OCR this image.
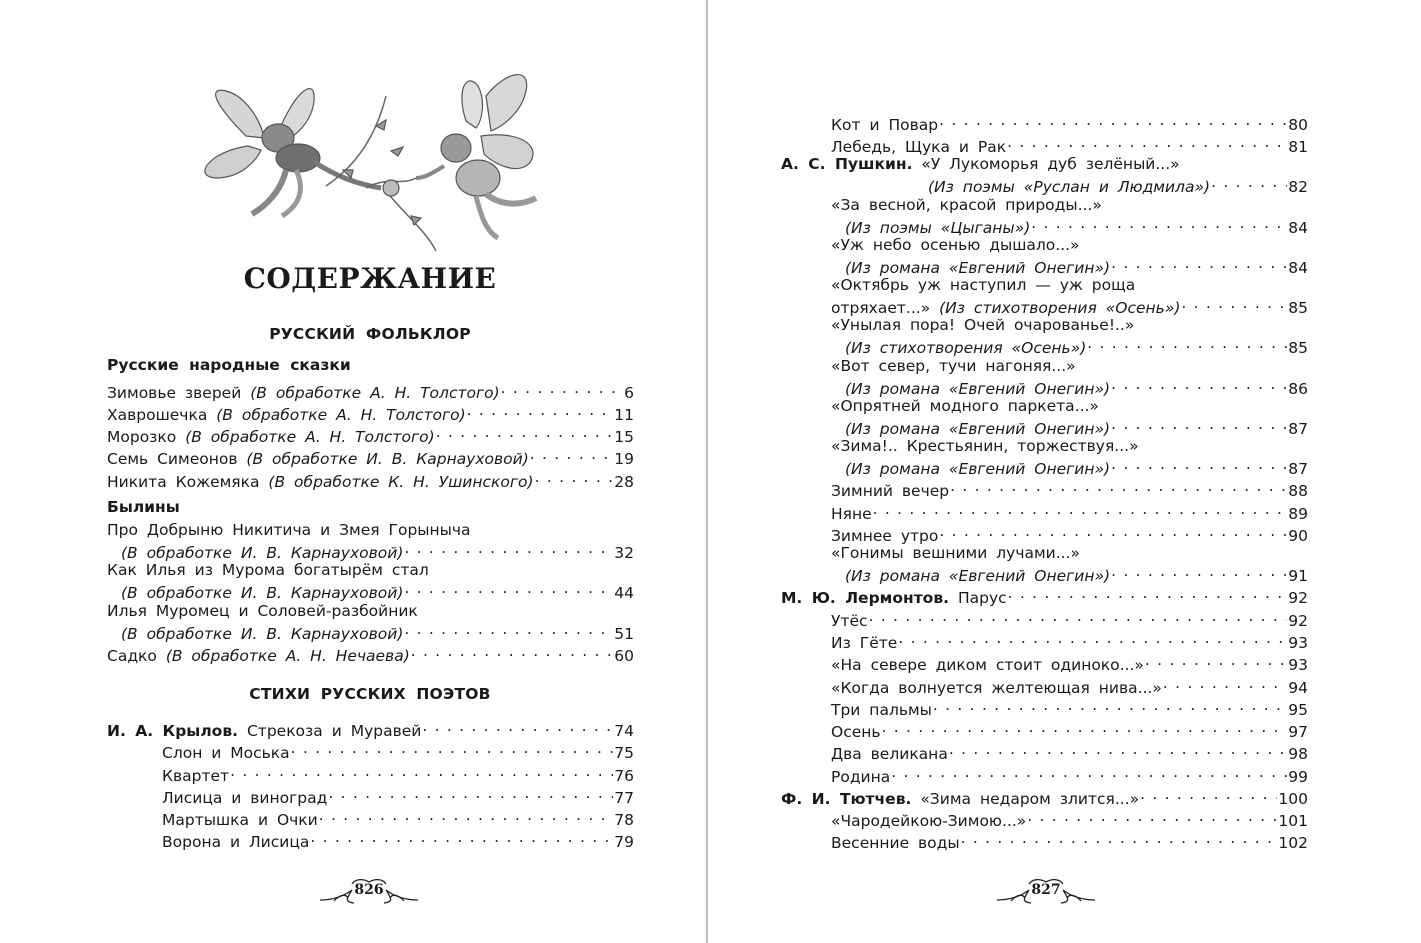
СОДЕРЖАНИЕ
РУССКИЙ ФОЛЬКЛОР
Русские народные сказки
Зимовье зверей
(В обработке А. Н. Толстого) . . .	6
Хаврошечка
(В обработке А. Н. Толстого) . . .	11
Морозко
(В обработке А. Н. Толстого) . . .	15
Семь Симеонов
(В обработке И. В. Карнауховой) . . .	19
Никита Кожемяка
(В обработке К. Н. Ушинского) . . .	28
Былины
Про Добрыню Никитича и Змея Горыныча
(В обработке И. В. Карнауховой) . . .	32
Как Илья из Мурома богатырём стал
(В обработке И. В. Карнауховой) . . .	44
Илья Муромец и Соловей-разбойник
(В обработке И. В. Карнауховой) . . .	51
Садко
(В обработке А. Н. Нечаева) . . .	60
СТИХИ РУССКИХ ПОЭТОВ
И. А. Крылов.
Стрекоза и Муравей . . .	74
Слон и Моська . . .	75
Квартет . . .	76
Лисица и виноград . . .	77
Мартышка и Очки . . .	78
Ворона и Лисица . . .	79
826
Кот и Повар . . .	80
Лебедь, Щука и Рак . . .	81
А. С. Пушкин.
«У Лукоморья дуб зелёный...»
(Из поэмы «Руслан и Людмила») . . .	82
«За весной, красой природы...»
(Из поэмы «Цыганы») . . .	84
«Уж небо осенью дышало...»
(Из романа «Евгений Онегин») . . .	84
«Октябрь уж наступил — уж роща
отряхает...»
(Из стихотворения «Осень») . . .	85
«Унылая пора! Очей очарованье!..»
(Из стихотворения «Осень») . . .	85
«Вот север, тучи нагоняя...»
(Из романа «Евгений Онегин») . . .	86
«Опрятней модного паркета...»
(Из романа «Евгений Онегин») . . .	87
«Зима!.. Крестьянин, торжествуя...»
(Из романа «Евгений Онегин») . . .	87
Зимний вечер . . .	88
Няне . . .	89
Зимнее утро . . .	90
«Гонимы вешними лучами...»
(Из романа «Евгений Онегин») . . .	91
М. Ю. Лермонтов.
Парус . . .	92
Утёс . . .	92
Из Гёте . . .	93
«На севере диком стоит одиноко...» . . .	93
«Когда волнуется желтеющая нива...» . . .	94
Три пальмы . . .	95
Осень . . .	97
Два великана . . .	98
Родина . . .	99
Ф. И. Тютчев.
«Зима недаром злится...» . . .	100
«Чародейкою-Зимою...» . . .	101
Весенние воды . . .	102
827
